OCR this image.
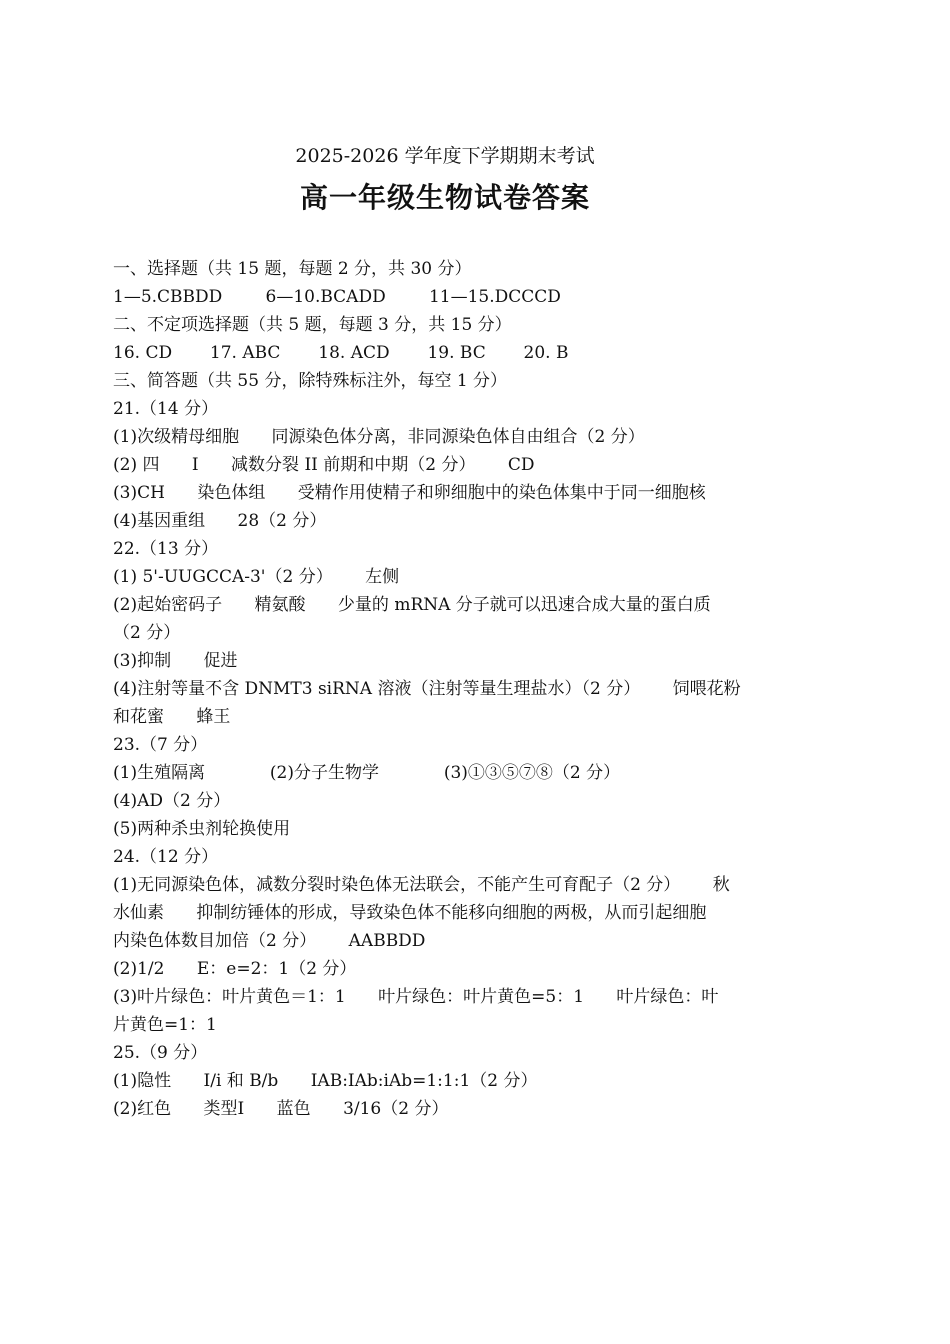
2025-2026 学年度下学期期末考试
高一年级生物试卷答案
一、选择题（共 15 题，每题 2 分，共 30 分）
1—5.CBBDD        6—10.BCADD        11—15.DCCCD
二、不定项选择题（共 5 题，每题 3 分，共 15 分）
16. CD       17. ABC       18. ACD       19. BC       20. B
三、简答题（共 55 分，除特殊标注外，每空 1 分）
21.（14 分）
(1)次级精母细胞      同源染色体分离，非同源染色体自由组合（2 分）
(2) 四      Ⅰ      减数分裂 II 前期和中期（2 分）      CD
(3)CH      染色体组      受精作用使精子和卵细胞中的染色体集中于同一细胞核
(4)基因重组      28（2 分）
22.（13 分）
(1) 5'-UUGCCA-3'（2 分）      左侧
(2)起始密码子      精氨酸      少量的 mRNA 分子就可以迅速合成大量的蛋白质
（2 分）
(3)抑制      促进
(4)注射等量不含 DNMT3 siRNA 溶液（注射等量生理盐水）（2 分）      饲喂花粉
和花蜜      蜂王
23.（7 分）
(1)生殖隔离            (2)分子生物学            (3)①③⑤⑦⑧（2 分）
(4)AD（2 分）
(5)两种杀虫剂轮换使用
24.（12 分）
(1)无同源染色体，减数分裂时染色体无法联会，不能产生可育配子（2 分）      秋
水仙素      抑制纺锤体的形成，导致染色体不能移向细胞的两极，从而引起细胞
内染色体数目加倍（2 分）      AABBDD
(2)1/2      E：e=2：1（2 分）
(3)叶片绿色：叶片黄色＝1：1      叶片绿色：叶片黄色=5：1      叶片绿色：叶
片黄色=1：1
25.（9 分）
(1)隐性      I/i 和 B/b      IAB:IAb:iAb=1:1:1（2 分）
(2)红色      类型Ⅰ      蓝色      3/16（2 分）
